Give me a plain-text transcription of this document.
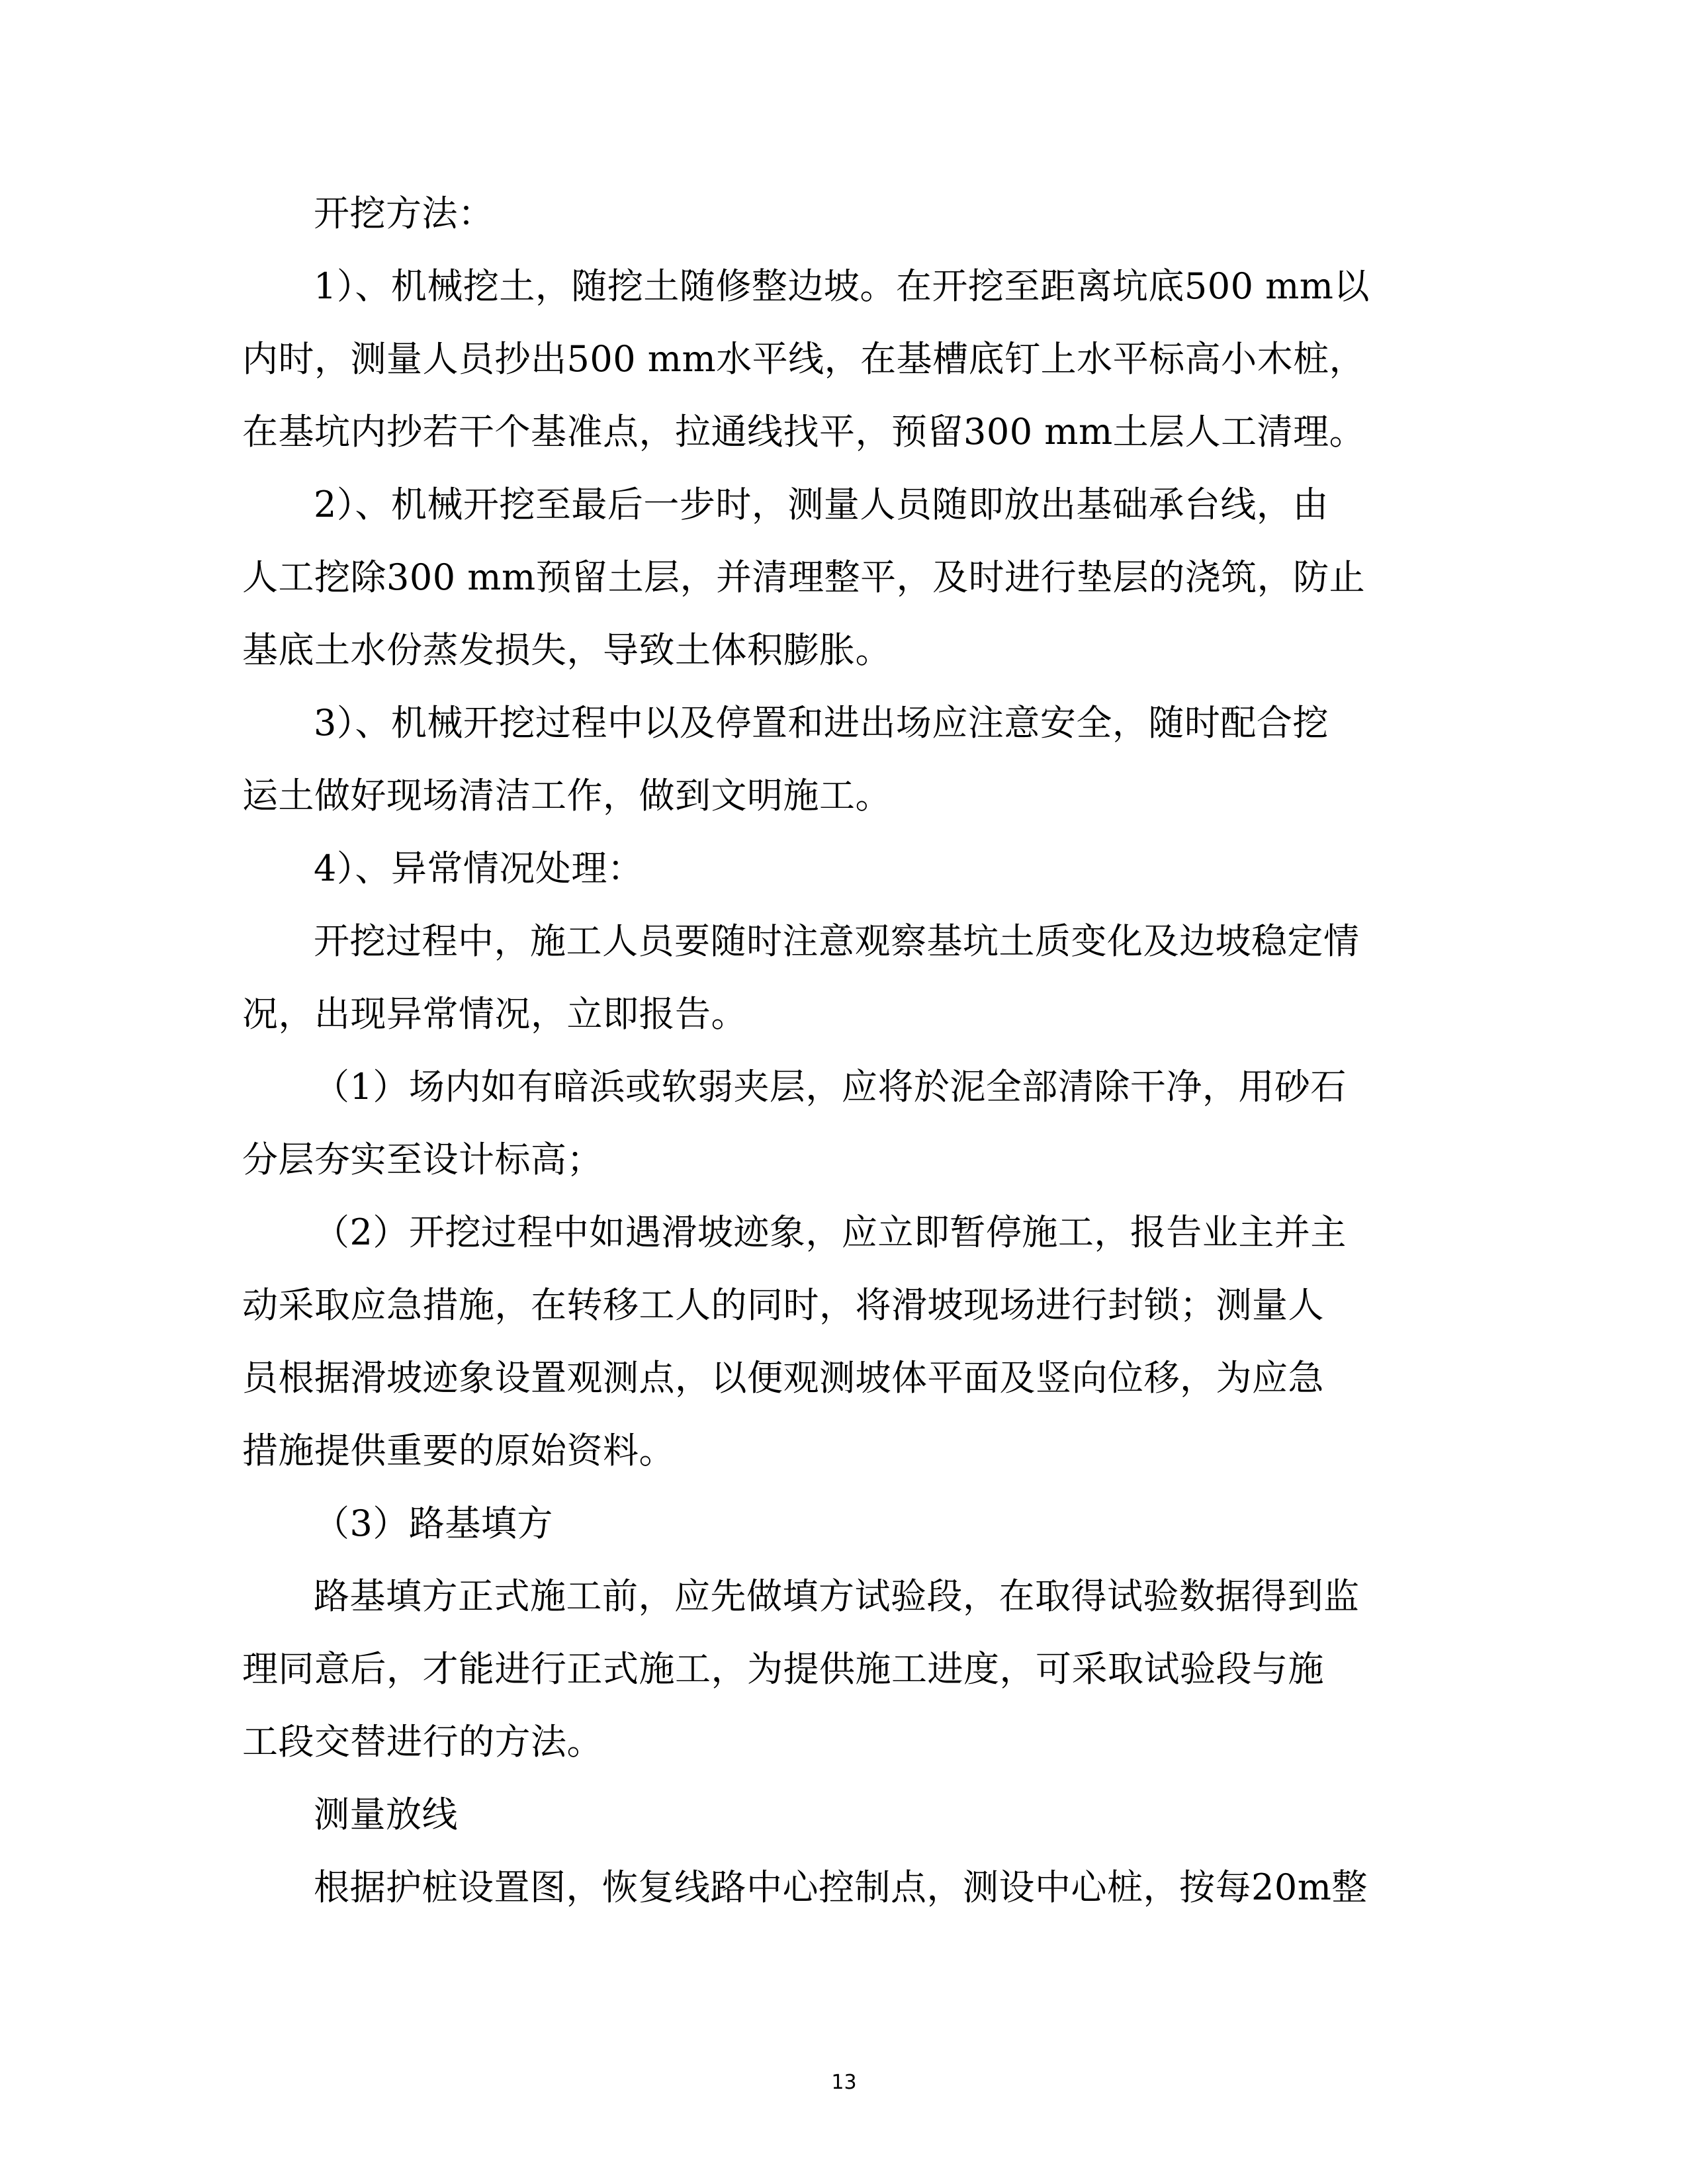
开挖方法：
1）、机械挖土，随挖土随修整边坡。在开挖至距离坑底500 mm以
内时，测量人员抄出500 mm水平线，在基槽底钉上水平标高小木桩，
在基坑内抄若干个基准点，拉通线找平，预留300 mm土层人工清理。
2）、机械开挖至最后一步时，测量人员随即放出基础承台线，由
人工挖除300 mm预留土层，并清理整平，及时进行垫层的浇筑，防止
基底土水份蒸发损失，导致土体积膨胀。
3）、机械开挖过程中以及停置和进出场应注意安全，随时配合挖
运土做好现场清洁工作，做到文明施工。
4）、异常情况处理：
开挖过程中，施工人员要随时注意观察基坑土质变化及边坡稳定情
况，出现异常情况，立即报告。
（1）场内如有暗浜或软弱夹层，应将於泥全部清除干净，用砂石
分层夯实至设计标高；
（2）开挖过程中如遇滑坡迹象，应立即暂停施工，报告业主并主
动采取应急措施，在转移工人的同时，将滑坡现场进行封锁；测量人
员根据滑坡迹象设置观测点，以便观测坡体平面及竖向位移，为应急
措施提供重要的原始资料。
（3）路基填方
路基填方正式施工前，应先做填方试验段，在取得试验数据得到监
理同意后，才能进行正式施工，为提供施工进度，可采取试验段与施
工段交替进行的方法。
测量放线
根据护桩设置图，恢复线路中心控制点，测设中心桩，按每20m整
13
